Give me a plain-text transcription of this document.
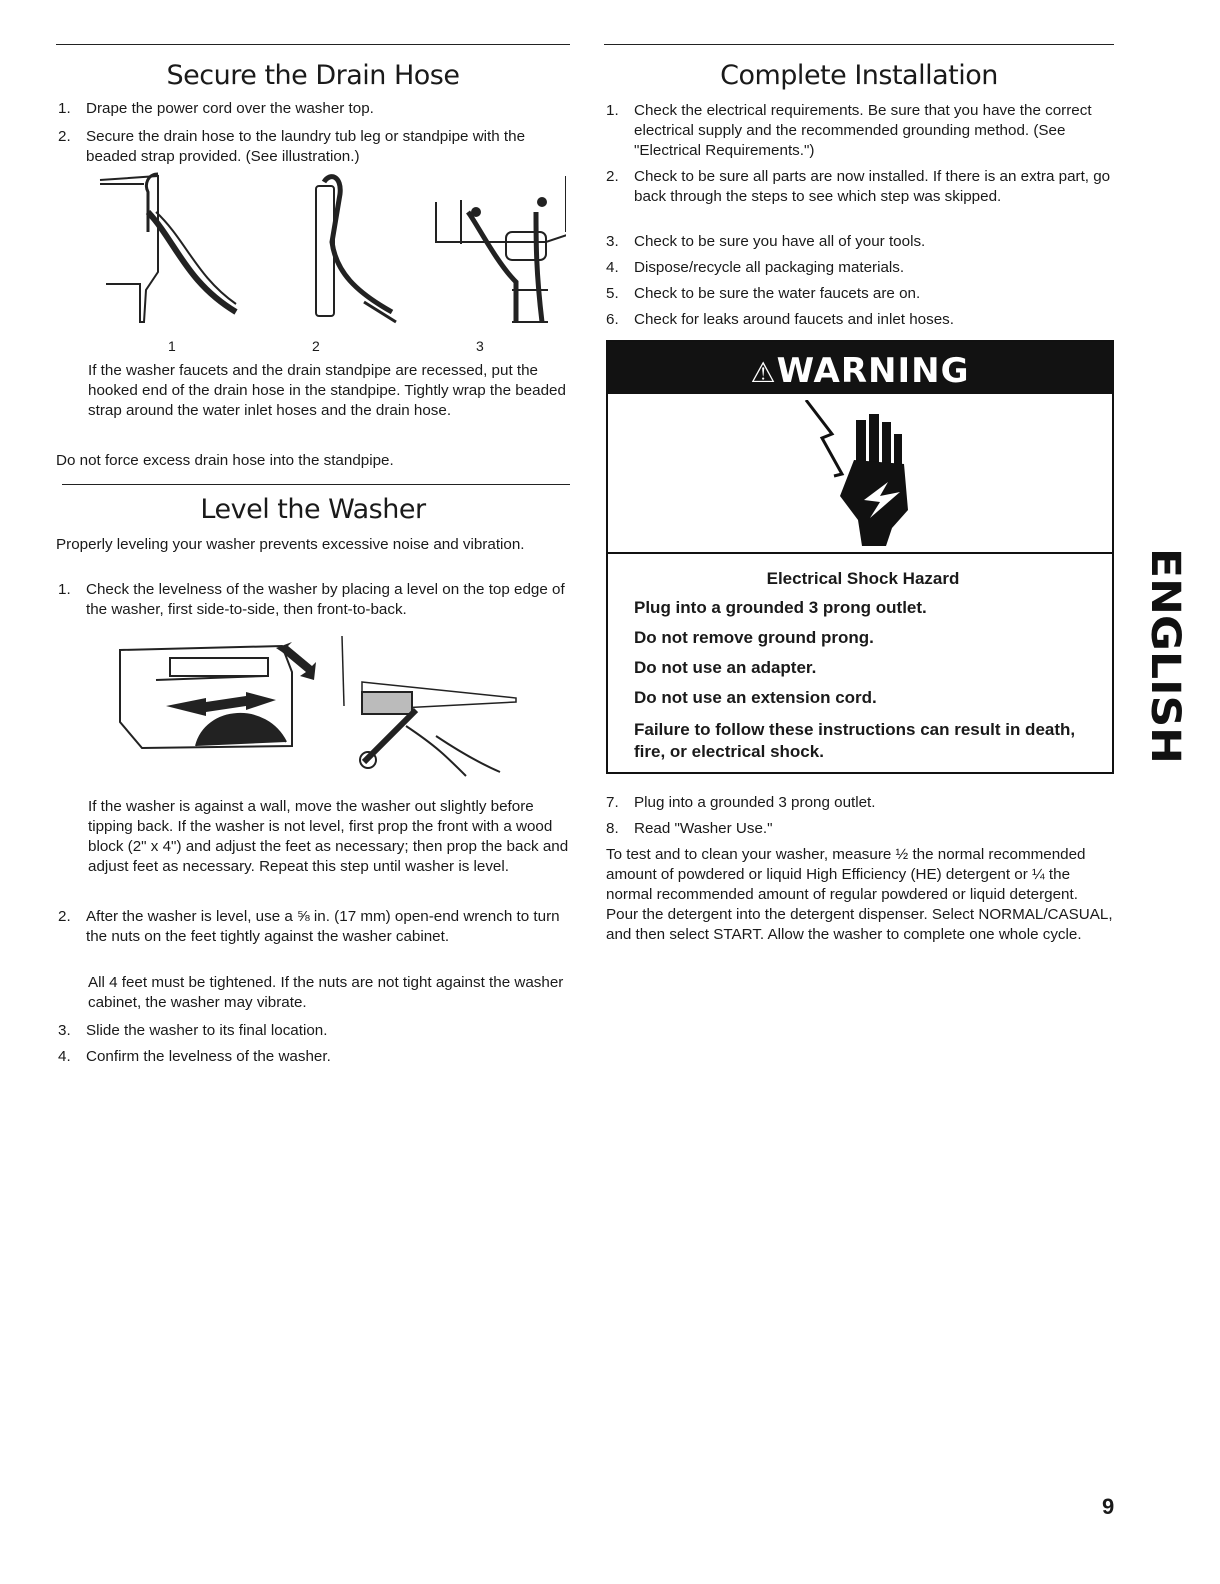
Secure the Drain Hose
1. Drape the power cord over the washer top.
2. Secure the drain hose to the laundry tub leg or standpipe with the beaded strap provided. (See illustration.)
1	2	3
If the washer faucets and the drain standpipe are recessed, put the hooked end of the drain hose in the standpipe. Tightly wrap the beaded strap around the water inlet hoses and the drain hose.
Do not force excess drain hose into the standpipe.
Level the Washer
Properly leveling your washer prevents excessive noise and vibration.
1. Check the levelness of the washer by placing a level on the top edge of the washer, first side-to-side, then front-to-back.
If the washer is against a wall, move the washer out slightly before tipping back. If the washer is not level, first prop the front with a wood block (2" x 4") and adjust the feet as necessary; then prop the back and adjust feet as necessary. Repeat this step until washer is level.
2. After the washer is level, use a ⅝ in. (17 mm) open-end wrench to turn the nuts on the feet tightly against the washer cabinet.
All 4 feet must be tightened. If the nuts are not tight against the washer cabinet, the washer may vibrate.
3. Slide the washer to its final location.
4. Confirm the levelness of the washer.
Complete Installation
1. Check the electrical requirements. Be sure that you have the correct electrical supply and the recommended grounding method. (See "Electrical Requirements.")
2. Check to be sure all parts are now installed. If there is an extra part, go back through the steps to see which step was skipped.
3. Check to be sure you have all of your tools.
4. Dispose/recycle all packaging materials.
5. Check to be sure the water faucets are on.
6. Check for leaks around faucets and inlet hoses.
⚠WARNING
Electrical Shock Hazard
Plug into a grounded 3 prong outlet.
Do not remove ground prong.
Do not use an adapter.
Do not use an extension cord.
Failure to follow these instructions can result in death, fire, or electrical shock.
7. Plug into a grounded 3 prong outlet.
8. Read "Washer Use."
To test and to clean your washer, measure ½ the normal recommended amount of powdered or liquid High Efficiency (HE) detergent or ¼ the normal recommended amount of regular powdered or liquid detergent. Pour the detergent into the detergent dispenser. Select NORMAL/CASUAL, and then select START. Allow the washer to complete one whole cycle.
ENGLISH
9
